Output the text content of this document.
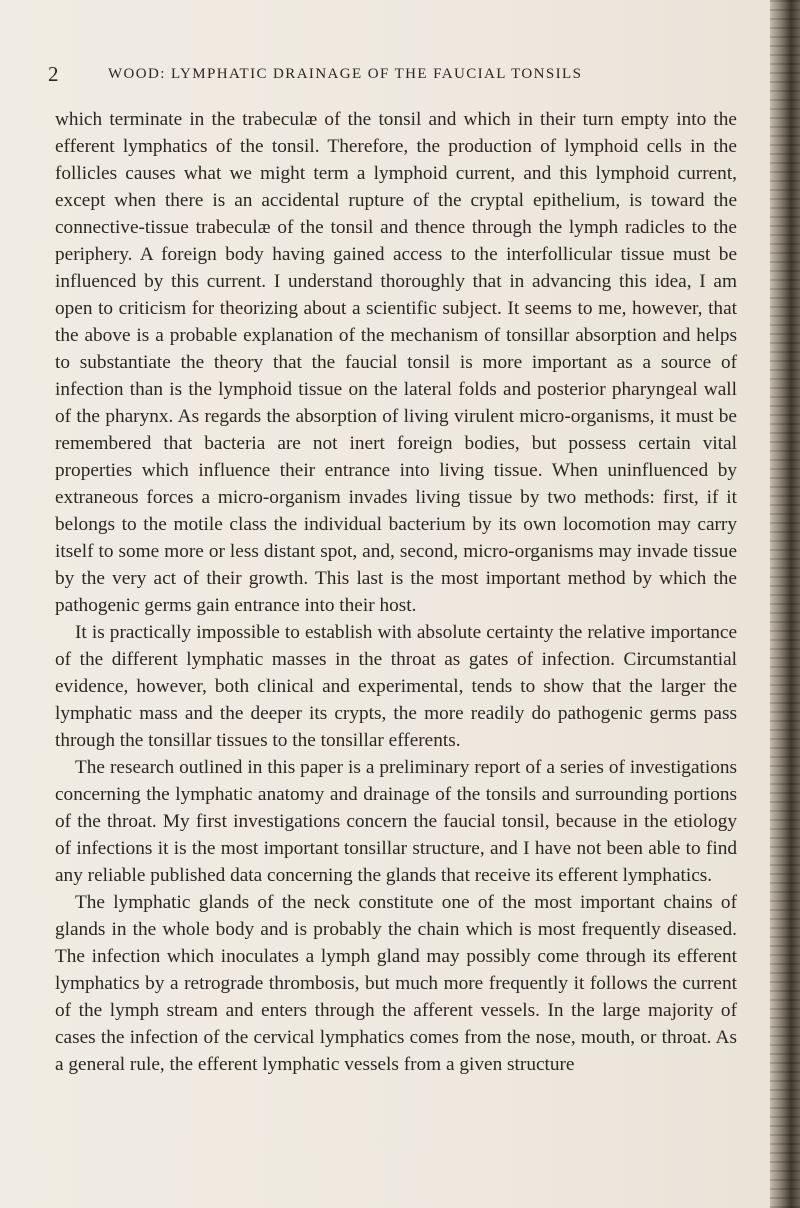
2	WOOD: LYMPHATIC DRAINAGE OF THE FAUCIAL TONSILS

which terminate in the trabeculæ of the tonsil and which in their turn empty into the efferent lymphatics of the tonsil. Therefore, the production of lymphoid cells in the follicles causes what we might term a lymphoid current, and this lymphoid current, except when there is an accidental rupture of the cryptal epithelium, is toward the connective-tissue trabeculæ of the tonsil and thence through the lymph radicles to the periphery. A foreign body having gained access to the interfollicular tissue must be influenced by this current. I understand thoroughly that in advancing this idea, I am open to criticism for theorizing about a scientific subject. It seems to me, however, that the above is a probable explanation of the mechanism of tonsillar absorption and helps to substantiate the theory that the faucial tonsil is more important as a source of infection than is the lymphoid tissue on the lateral folds and posterior pharyngeal wall of the pharynx. As regards the absorption of living virulent micro-organisms, it must be remembered that bacteria are not inert foreign bodies, but possess certain vital properties which influence their entrance into living tissue. When uninfluenced by extraneous forces a micro-organism invades living tissue by two methods: first, if it belongs to the motile class the individual bacterium by its own locomotion may carry itself to some more or less distant spot, and, second, micro-organisms may invade tissue by the very act of their growth. This last is the most important method by which the pathogenic germs gain entrance into their host.

It is practically impossible to establish with absolute certainty the relative importance of the different lymphatic masses in the throat as gates of infection. Circumstantial evidence, however, both clinical and experimental, tends to show that the larger the lymphatic mass and the deeper its crypts, the more readily do pathogenic germs pass through the tonsillar tissues to the tonsillar efferents.

The research outlined in this paper is a preliminary report of a series of investigations concerning the lymphatic anatomy and drainage of the tonsils and surrounding portions of the throat. My first investigations concern the faucial tonsil, because in the etiology of infections it is the most important tonsillar structure, and I have not been able to find any reliable published data concerning the glands that receive its efferent lymphatics.

The lymphatic glands of the neck constitute one of the most important chains of glands in the whole body and is probably the chain which is most frequently diseased. The infection which inoculates a lymph gland may possibly come through its efferent lymphatics by a retrograde thrombosis, but much more frequently it follows the current of the lymph stream and enters through the afferent vessels. In the large majority of cases the infection of the cervical lymphatics comes from the nose, mouth, or throat. As a general rule, the efferent lymphatic vessels from a given structure
